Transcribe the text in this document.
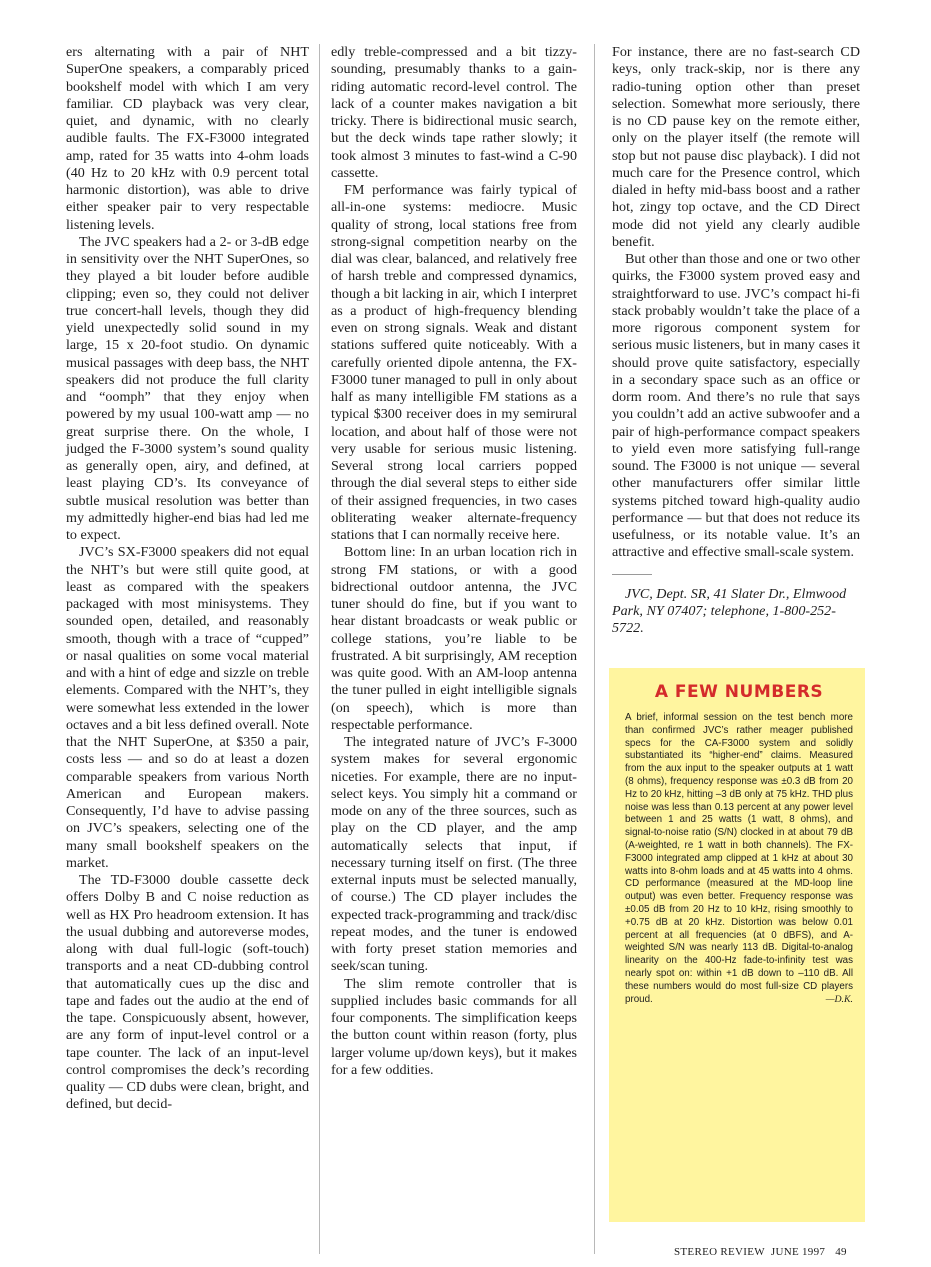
ers alternating with a pair of NHT SuperOne speakers, a comparably priced bookshelf model with which I am very familiar. CD playback was very clear, quiet, and dynamic, with no clearly audible faults. The FX-F3000 integrated amp, rated for 35 watts into 4-ohm loads (40 Hz to 20 kHz with 0.9 percent total harmonic distortion), was able to drive either speaker pair to very respectable listening levels.

The JVC speakers had a 2- or 3-dB edge in sensitivity over the NHT SuperOnes, so they played a bit louder before audible clipping; even so, they could not deliver true concert-hall levels, though they did yield unexpectedly solid sound in my large, 15 x 20-foot studio. On dynamic musical passages with deep bass, the NHT speakers did not produce the full clarity and “oomph” that they enjoy when powered by my usual 100-watt amp — no great surprise there. On the whole, I judged the F-3000 system’s sound quality as generally open, airy, and defined, at least playing CD’s. Its conveyance of subtle musical resolution was better than my admittedly higher-end bias had led me to expect.

JVC’s SX-F3000 speakers did not equal the NHT’s but were still quite good, at least as compared with the speakers packaged with most minisystems. They sounded open, detailed, and reasonably smooth, though with a trace of “cupped” or nasal qualities on some vocal material and with a hint of edge and sizzle on treble elements. Compared with the NHT’s, they were somewhat less extended in the lower octaves and a bit less defined overall. Note that the NHT SuperOne, at $350 a pair, costs less — and so do at least a dozen comparable speakers from various North American and European makers. Consequently, I’d have to advise passing on JVC’s speakers, selecting one of the many small bookshelf speakers on the market.

The TD-F3000 double cassette deck offers Dolby B and C noise reduction as well as HX Pro headroom extension. It has the usual dubbing and autoreverse modes, along with dual full-logic (soft-touch) transports and a neat CD-dubbing control that automatically cues up the disc and tape and fades out the audio at the end of the tape. Conspicuously absent, however, are any form of input-level control or a tape counter. The lack of an input-level control compromises the deck’s recording quality — CD dubs were clean, bright, and defined, but decid-

edly treble-compressed and a bit tizzy-sounding, presumably thanks to a gain-riding automatic record-level control. The lack of a counter makes navigation a bit tricky. There is bidirectional music search, but the deck winds tape rather slowly; it took almost 3 minutes to fast-wind a C-90 cassette.

FM performance was fairly typical of all-in-one systems: mediocre. Music quality of strong, local stations free from strong-signal competition nearby on the dial was clear, balanced, and relatively free of harsh treble and compressed dynamics, though a bit lacking in air, which I interpret as a product of high-frequency blending even on strong signals. Weak and distant stations suffered quite noticeably. With a carefully oriented dipole antenna, the FX-F3000 tuner managed to pull in only about half as many intelligible FM stations as a typical $300 receiver does in my semirural location, and about half of those were not very usable for serious music listening. Several strong local carriers popped through the dial several steps to either side of their assigned frequencies, in two cases obliterating weaker alternate-frequency stations that I can normally receive here.

Bottom line: In an urban location rich in strong FM stations, or with a good bidrectional outdoor antenna, the JVC tuner should do fine, but if you want to hear distant broadcasts or weak public or college stations, you’re liable to be frustrated. A bit surprisingly, AM reception was quite good. With an AM-loop antenna the tuner pulled in eight intelligible signals (on speech), which is more than respectable performance.

The integrated nature of JVC’s F-3000 system makes for several ergonomic niceties. For example, there are no input-select keys. You simply hit a command or mode on any of the three sources, such as play on the CD player, and the amp automatically selects that input, if necessary turning itself on first. (The three external inputs must be selected manually, of course.) The CD player includes the expected track-programming and track/disc repeat modes, and the tuner is endowed with forty preset station memories and seek/scan tuning.

The slim remote controller that is supplied includes basic commands for all four components. The simplification keeps the button count within reason (forty, plus larger volume up/down keys), but it makes for a few oddities.

For instance, there are no fast-search CD keys, only track-skip, nor is there any radio-tuning option other than preset selection. Somewhat more seriously, there is no CD pause key on the remote either, only on the player itself (the remote will stop but not pause disc playback). I did not much care for the Presence control, which dialed in hefty mid-bass boost and a rather hot, zingy top octave, and the CD Direct mode did not yield any clearly audible benefit.

But other than those and one or two other quirks, the F3000 system proved easy and straightforward to use. JVC’s compact hi-fi stack probably wouldn’t take the place of a more rigorous component system for serious music listeners, but in many cases it should prove quite satisfactory, especially in a secondary space such as an office or dorm room. And there’s no rule that says you couldn’t add an active subwoofer and a pair of high-performance compact speakers to yield even more satisfying full-range sound. The F3000 is not unique — several other manufacturers offer similar little systems pitched toward high-quality audio performance — but that does not reduce its usefulness, or its notable value. It’s an attractive and effective small-scale system.

JVC, Dept. SR, 41 Slater Dr., Elmwood Park, NY 07407; telephone, 1-800-252-5722.

A FEW NUMBERS

A brief, informal session on the test bench more than confirmed JVC’s rather meager published specs for the CA-F3000 system and solidly substantiated its “higher-end” claims. Measured from the aux input to the speaker outputs at 1 watt (8 ohms), frequency response was ±0.3 dB from 20 Hz to 20 kHz, hitting –3 dB only at 75 kHz. THD plus noise was less than 0.13 percent at any power level between 1 and 25 watts (1 watt, 8 ohms), and signal-to-noise ratio (S/N) clocked in at about 79 dB (A-weighted, re 1 watt in both channels). The FX-F3000 integrated amp clipped at 1 kHz at about 30 watts into 8-ohm loads and at 45 watts into 4 ohms. CD performance (measured at the MD-loop line output) was even better. Frequency response was ±0.05 dB from 20 Hz to 10 kHz, rising smoothly to +0.75 dB at 20 kHz. Distortion was below 0.01 percent at all frequencies (at 0 dBFS), and A-weighted S/N was nearly 113 dB. Digital-to-analog linearity on the 400-Hz fade-to-infinity test was nearly spot on: within +1 dB down to –110 dB. All these numbers would do most full-size CD players proud.	—D.K.

STEREO REVIEW  JUNE 1997 49
